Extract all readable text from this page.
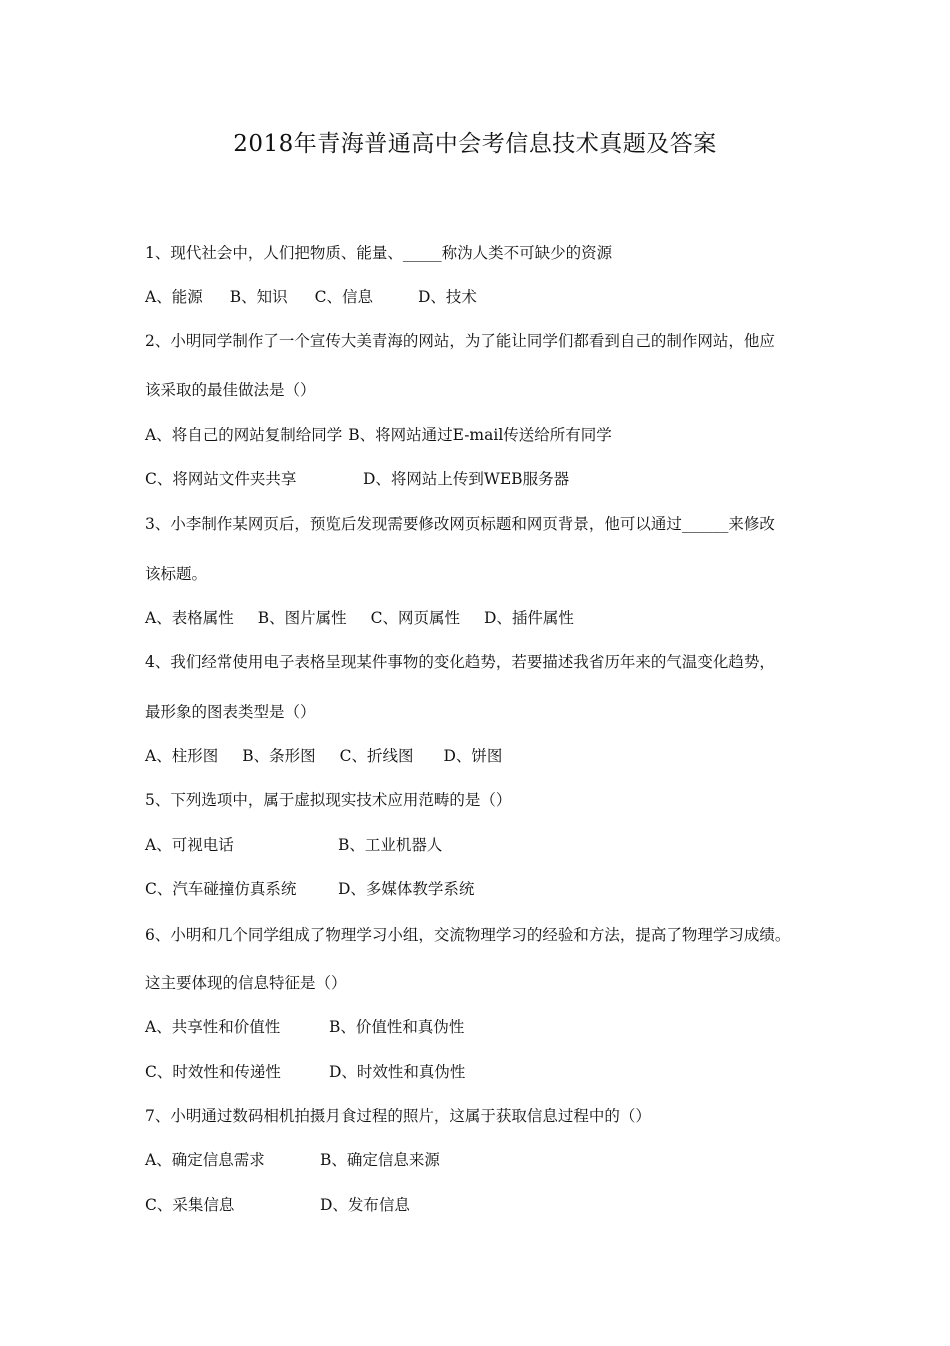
2018年青海普通高中会考信息技术真题及答案
1、现代社会中，人们把物质、能量、_____称沩人类不可缺少的资源
A、能源 B、知识 C、信息	D、技术
2、小明同学制作了一个宣传大美青海的网站，为了能让同学们都看到自己的制作网站，他应
该采取的最佳做法是（）
A、将自己的网站复制给同学 B、将网站通过E-mail传送给所有同学
C、将网站文件夹共享	D、将网站上传到WEB服务器
3、小李制作某网页后，预览后发现需要修改网页标题和网页背景，他可以通过______来修改
该标题。
A、表格属性 B、图片属性 C、网页属性 D、插件属性
4、我们经常使用电子表格呈现某件事物的变化趋势，若要描述我省历年来的气温变化趋势，
最形象的图表类型是（）
A、柱形图 B、条形图 C、折线图 D、饼图
5、下列选项中，属于虚拟现实技术应用范畴的是（）
A、可视电话	B、工业机器人
C、汽车碰撞仿真系统	D、多媒体教学系统
6、小明和几个同学组成了物理学习小组，交流物理学习的经验和方法，提高了物理学习成绩。
这主要体现的信息特征是（）
A、共享性和价值性	B、价值性和真伪性
C、时效性和传递性	D、时效性和真伪性
7、小明通过数码相机拍摄月食过程的照片，这属于获取信息过程中的（）
A、确定信息需求	B、确定信息来源
C、采集信息	D、发布信息
